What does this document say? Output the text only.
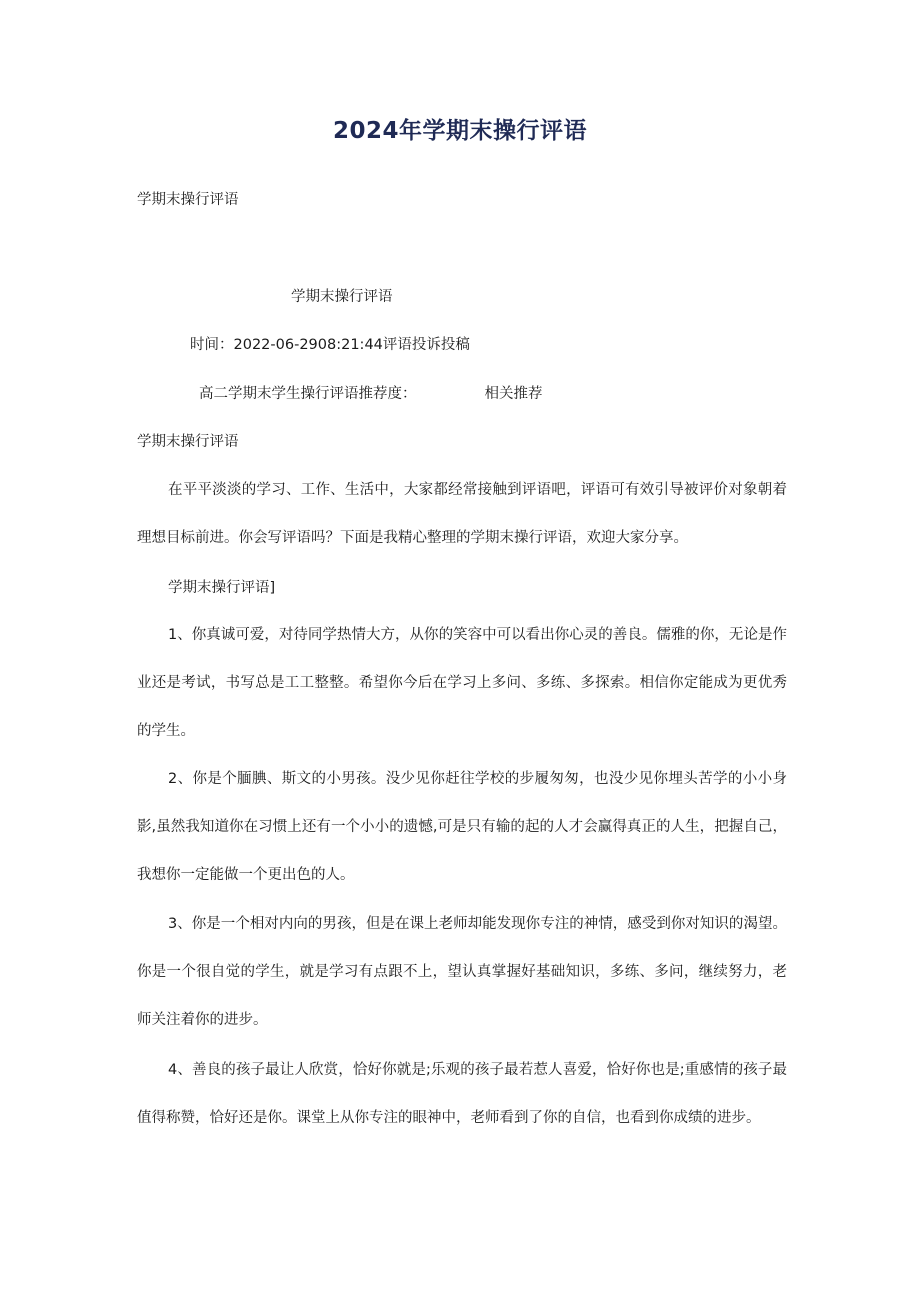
2024年学期末操行评语
学期末操行评语
学期末操行评语
时间：2022-06-2908:21:44评语投诉投稿
高二学期末学生操行评语推荐度：	相关推荐
学期末操行评语

在平平淡淡的学习、工作、生活中，大家都经常接触到评语吧，评语可有效引导被评价对象朝着理想目标前进。你会写评语吗？下面是我精心整理的学期末操行评语，欢迎大家分享。

学期末操行评语]

1、你真诚可爱，对待同学热情大方，从你的笑容中可以看出你心灵的善良。儒雅的你，无论是作业还是考试，书写总是工工整整。希望你今后在学习上多问、多练、多探索。相信你定能成为更优秀的学生。

2、你是个腼腆、斯文的小男孩。没少见你赶往学校的步履匆匆，也没少见你埋头苦学的小小身影,虽然我知道你在习惯上还有一个小小的遗憾,可是只有输的起的人才会赢得真正的人生，把握自己，我想你一定能做一个更出色的人。

3、你是一个相对内向的男孩，但是在课上老师却能发现你专注的神情，感受到你对知识的渴望。你是一个很自觉的学生，就是学习有点跟不上，望认真掌握好基础知识，多练、多问，继续努力，老师关注着你的进步。

4、善良的孩子最让人欣赏，恰好你就是;乐观的孩子最若惹人喜爱，恰好你也是;重感情的孩子最值得称赞，恰好还是你。课堂上从你专注的眼神中，老师看到了你的自信，也看到你成绩的进步。
